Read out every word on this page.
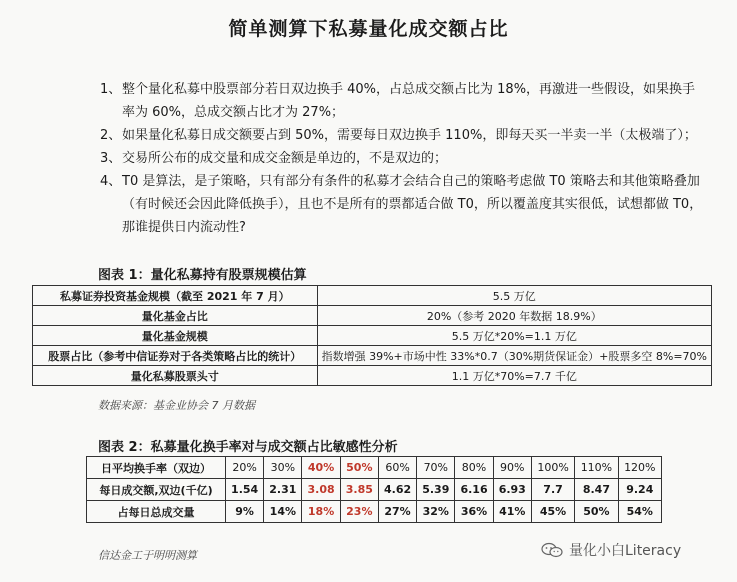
简单测算下私募量化成交额占比
1、 整个量化私募中股票部分若日双边换手 40%，占总成交额占比为 18%，再激进一些假设，如果换手率为 60%，总成交额占比才为 27%；
2、 如果量化私募日成交额要占到 50%，需要每日双边换手 110%，即每天买一半卖一半（太极端了）；
3、 交易所公布的成交量和成交金额是单边的，不是双边的；
4、 T0 是算法，是子策略，只有部分有条件的私募才会结合自己的策略考虑做 T0 策略去和其他策略叠加（有时候还会因此降低换手），且也不是所有的票都适合做 T0，所以覆盖度其实很低，试想都做 T0，那谁提供日内流动性?
图表 1：量化私募持有股票规模估算
私募证券投资基金规模（截至 2021 年 7 月）	5.5 万亿
量化基金占比	20%（参考 2020 年数据 18.9%）
量化基金规模	5.5 万亿*20%=1.1 万亿
股票占比（参考中信证券对于各类策略占比的统计）	指数增强 39%+市场中性 33%*0.7（30%期货保证金）+股票多空 8%=70%
量化私募股票头寸	1.1 万亿*70%=7.7 千亿
数据来源：基金业协会 7 月数据
图表 2：私募量化换手率对与成交额占比敏感性分析
日平均换手率（双边）	20%	30%	40%	50%	60%	70%	80%	90%	100%	110%	120%
每日成交额,双边(千亿)	1.54	2.31	3.08	3.85	4.62	5.39	6.16	6.93	7.7	8.47	9.24
占每日总成交量	9%	14%	18%	23%	27%	32%	36%	41%	45%	50%	54%
信达金工于明明测算	量化小白Literacy
